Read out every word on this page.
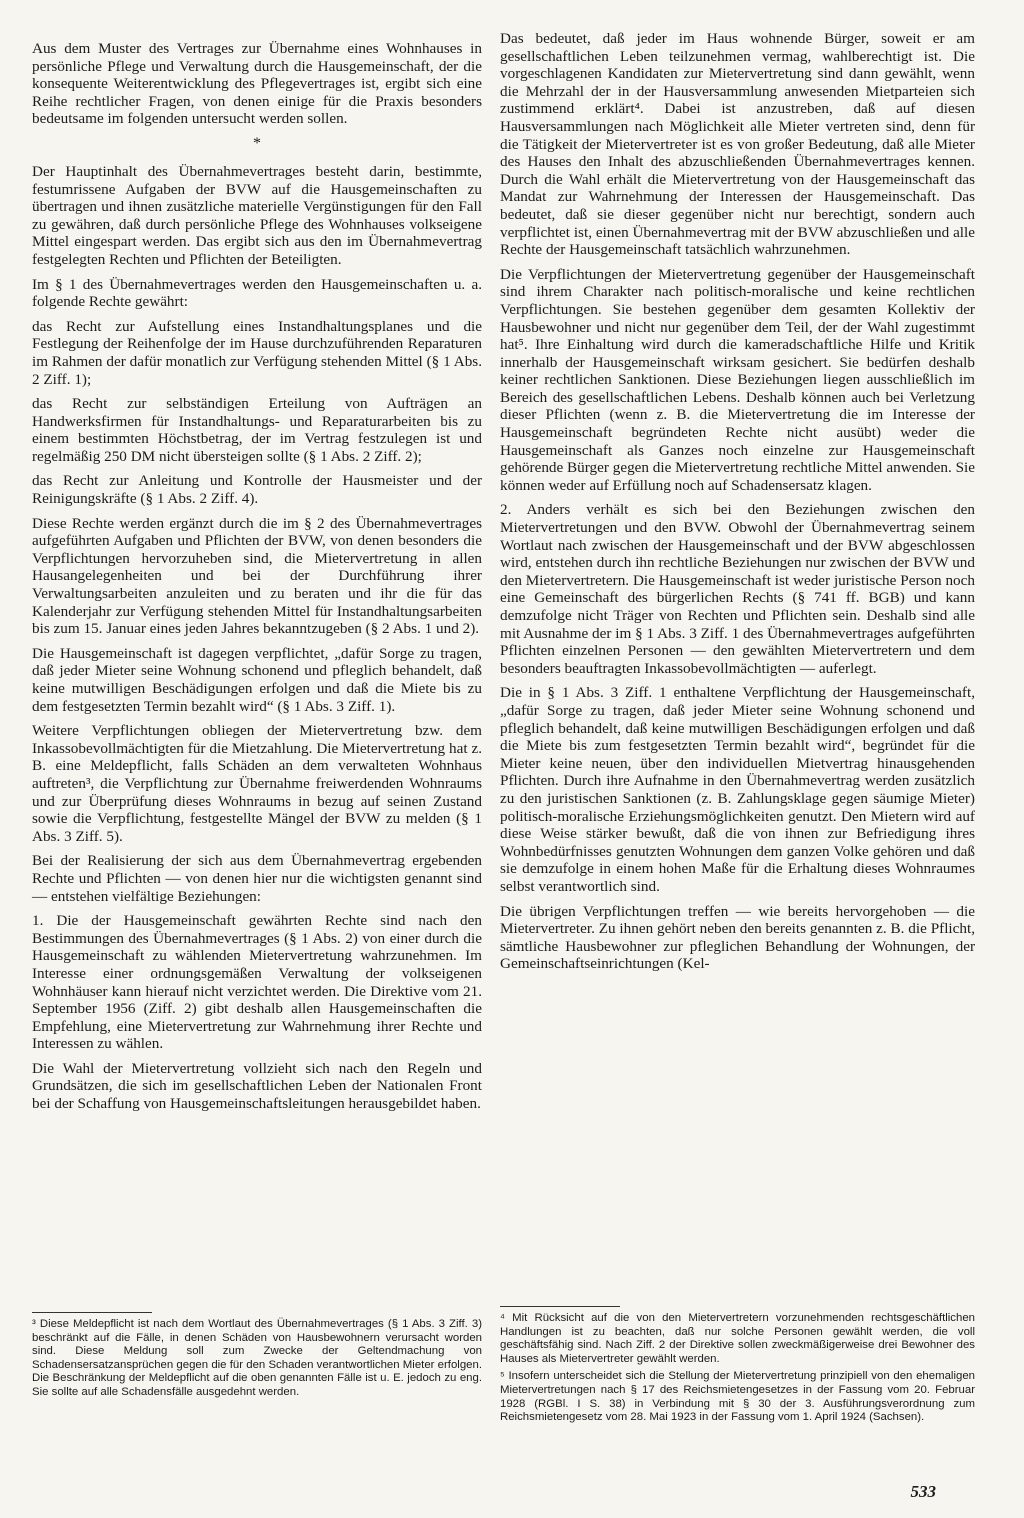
Aus dem Muster des Vertrages zur Übernahme eines Wohnhauses in persönliche Pflege und Verwaltung durch die Hausgemeinschaft, der die konsequente Weiterentwicklung des Pflegevertrages ist, ergibt sich eine Reihe rechtlicher Fragen, von denen einige für die Praxis besonders bedeutsame im folgenden untersucht werden sollen.

*

Der Hauptinhalt des Übernahmevertrages besteht darin, bestimmte, festumrissene Aufgaben der BVW auf die Hausgemeinschaften zu übertragen und ihnen zusätzliche materielle Vergünstigungen für den Fall zu gewähren, daß durch persönliche Pflege des Wohnhauses volkseigene Mittel eingespart werden. Das ergibt sich aus den im Übernahmevertrag festgelegten Rechten und Pflichten der Beteiligten.

Im § 1 des Übernahmevertrages werden den Hausgemeinschaften u. a. folgende Rechte gewährt:

das Recht zur Aufstellung eines Instandhaltungsplanes und die Festlegung der Reihenfolge der im Hause durchzuführenden Reparaturen im Rahmen der dafür monatlich zur Verfügung stehenden Mittel (§ 1 Abs. 2 Ziff. 1);

das Recht zur selbständigen Erteilung von Aufträgen an Handwerksfirmen für Instandhaltungs- und Reparaturarbeiten bis zu einem bestimmten Höchstbetrag, der im Vertrag festzulegen ist und regelmäßig 250 DM nicht übersteigen sollte (§ 1 Abs. 2 Ziff. 2);

das Recht zur Anleitung und Kontrolle der Hausmeister und der Reinigungskräfte (§ 1 Abs. 2 Ziff. 4).

Diese Rechte werden ergänzt durch die im § 2 des Übernahmevertrages aufgeführten Aufgaben und Pflichten der BVW, von denen besonders die Verpflichtungen hervorzuheben sind, die Mietervertretung in allen Hausangelegenheiten und bei der Durchführung ihrer Verwaltungsarbeiten anzuleiten und zu beraten und ihr die für das Kalenderjahr zur Verfügung stehenden Mittel für Instandhaltungsarbeiten bis zum 15. Januar eines jeden Jahres bekanntzugeben (§ 2 Abs. 1 und 2).

Die Hausgemeinschaft ist dagegen verpflichtet, „dafür Sorge zu tragen, daß jeder Mieter seine Wohnung schonend und pfleglich behandelt, daß keine mutwilligen Beschädigungen erfolgen und daß die Miete bis zu dem festgesetzten Termin bezahlt wird“ (§ 1 Abs. 3 Ziff. 1).

Weitere Verpflichtungen obliegen der Mietervertretung bzw. dem Inkassobevollmächtigten für die Mietzahlung. Die Mietervertretung hat z. B. eine Meldepflicht, falls Schäden an dem verwalteten Wohnhaus auftreten³, die Verpflichtung zur Übernahme freiwerdenden Wohnraums und zur Überprüfung dieses Wohnraums in bezug auf seinen Zustand sowie die Verpflichtung, festgestellte Mängel der BVW zu melden (§ 1 Abs. 3 Ziff. 5).

Bei der Realisierung der sich aus dem Übernahmevertrag ergebenden Rechte und Pflichten — von denen hier nur die wichtigsten genannt sind — entstehen vielfältige Beziehungen:

1. Die der Hausgemeinschaft gewährten Rechte sind nach den Bestimmungen des Übernahmevertrages (§ 1 Abs. 2) von einer durch die Hausgemeinschaft zu wählenden Mietervertretung wahrzunehmen. Im Interesse einer ordnungsgemäßen Verwaltung der volkseigenen Wohnhäuser kann hierauf nicht verzichtet werden. Die Direktive vom 21. September 1956 (Ziff. 2) gibt deshalb allen Hausgemeinschaften die Empfehlung, eine Mietervertretung zur Wahrnehmung ihrer Rechte und Interessen zu wählen.

Die Wahl der Mietervertretung vollzieht sich nach den Regeln und Grundsätzen, die sich im gesellschaftlichen Leben der Nationalen Front bei der Schaffung von Hausgemeinschaftsleitungen herausgebildet haben.

³ Diese Meldepflicht ist nach dem Wortlaut des Übernahmevertrages (§ 1 Abs. 3 Ziff. 3) beschränkt auf die Fälle, in denen Schäden von Hausbewohnern verursacht worden sind. Diese Meldung soll zum Zwecke der Geltendmachung von Schadensersatzansprüchen gegen die für den Schaden verantwortlichen Mieter erfolgen. Die Beschränkung der Meldepflicht auf die oben genannten Fälle ist u. E. jedoch zu eng. Sie sollte auf alle Schadensfälle ausgedehnt werden.

Das bedeutet, daß jeder im Haus wohnende Bürger, soweit er am gesellschaftlichen Leben teilzunehmen vermag, wahlberechtigt ist. Die vorgeschlagenen Kandidaten zur Mietervertretung sind dann gewählt, wenn die Mehrzahl der in der Hausversammlung anwesenden Mietparteien sich zustimmend erklärt⁴. Dabei ist anzustreben, daß auf diesen Hausversammlungen nach Möglichkeit alle Mieter vertreten sind, denn für die Tätigkeit der Mietervertreter ist es von großer Bedeutung, daß alle Mieter des Hauses den Inhalt des abzuschließenden Übernahmevertrages kennen. Durch die Wahl erhält die Mietervertretung von der Hausgemeinschaft das Mandat zur Wahrnehmung der Interessen der Hausgemeinschaft. Das bedeutet, daß sie dieser gegenüber nicht nur berechtigt, sondern auch verpflichtet ist, einen Übernahmevertrag mit der BVW abzuschließen und alle Rechte der Hausgemeinschaft tatsächlich wahrzunehmen.

Die Verpflichtungen der Mietervertretung gegenüber der Hausgemeinschaft sind ihrem Charakter nach politisch-moralische und keine rechtlichen Verpflichtungen. Sie bestehen gegenüber dem gesamten Kollektiv der Hausbewohner und nicht nur gegenüber dem Teil, der der Wahl zugestimmt hat⁵. Ihre Einhaltung wird durch die kameradschaftliche Hilfe und Kritik innerhalb der Hausgemeinschaft wirksam gesichert. Sie bedürfen deshalb keiner rechtlichen Sanktionen. Diese Beziehungen liegen ausschließlich im Bereich des gesellschaftlichen Lebens. Deshalb können auch bei Verletzung dieser Pflichten (wenn z. B. die Mietervertretung die im Interesse der Hausgemeinschaft begründeten Rechte nicht ausübt) weder die Hausgemeinschaft als Ganzes noch einzelne zur Hausgemeinschaft gehörende Bürger gegen die Mietervertretung rechtliche Mittel anwenden. Sie können weder auf Erfüllung noch auf Schadensersatz klagen.

2. Anders verhält es sich bei den Beziehungen zwischen den Mietervertretungen und den BVW. Obwohl der Übernahmevertrag seinem Wortlaut nach zwischen der Hausgemeinschaft und der BVW abgeschlossen wird, entstehen durch ihn rechtliche Beziehungen nur zwischen der BVW und den Mietervertretern. Die Hausgemeinschaft ist weder juristische Person noch eine Gemeinschaft des bürgerlichen Rechts (§ 741 ff. BGB) und kann demzufolge nicht Träger von Rechten und Pflichten sein. Deshalb sind alle mit Ausnahme der im § 1 Abs. 3 Ziff. 1 des Übernahmevertrages aufgeführten Pflichten einzelnen Personen — den gewählten Mietervertretern und dem besonders beauftragten Inkassobevollmächtigten — auferlegt.

Die in § 1 Abs. 3 Ziff. 1 enthaltene Verpflichtung der Hausgemeinschaft, „dafür Sorge zu tragen, daß jeder Mieter seine Wohnung schonend und pfleglich behandelt, daß keine mutwilligen Beschädigungen erfolgen und daß die Miete bis zum festgesetzten Termin bezahlt wird“, begründet für die Mieter keine neuen, über den individuellen Mietvertrag hinausgehenden Pflichten. Durch ihre Aufnahme in den Übernahmevertrag werden zusätzlich zu den juristischen Sanktionen (z. B. Zahlungsklage gegen säumige Mieter) politisch-moralische Erziehungsmöglichkeiten genutzt. Den Mietern wird auf diese Weise stärker bewußt, daß die von ihnen zur Befriedigung ihres Wohnbedürfnisses genutzten Wohnungen dem ganzen Volke gehören und daß sie demzufolge in einem hohen Maße für die Erhaltung dieses Wohnraumes selbst verantwortlich sind.

Die übrigen Verpflichtungen treffen — wie bereits hervorgehoben — die Mietervertreter. Zu ihnen gehört neben den bereits genannten z. B. die Pflicht, sämtliche Hausbewohner zur pfleglichen Behandlung der Wohnungen, der Gemeinschaftseinrichtungen (Kel-

⁴ Mit Rücksicht auf die von den Mietervertretern vorzunehmenden rechtsgeschäftlichen Handlungen ist zu beachten, daß nur solche Personen gewählt werden, die voll geschäftsfähig sind. Nach Ziff. 2 der Direktive sollen zweckmäßigerweise drei Bewohner des Hauses als Mietervertreter gewählt werden.

⁵ Insofern unterscheidet sich die Stellung der Mietervertretung prinzipiell von den ehemaligen Mietervertretungen nach § 17 des Reichsmietengesetzes in der Fassung vom 20. Februar 1928 (RGBl. I S. 38) in Verbindung mit § 30 der 3. Ausführungsverordnung zum Reichsmietengesetz vom 28. Mai 1923 in der Fassung vom 1. April 1924 (Sachsen).

533
